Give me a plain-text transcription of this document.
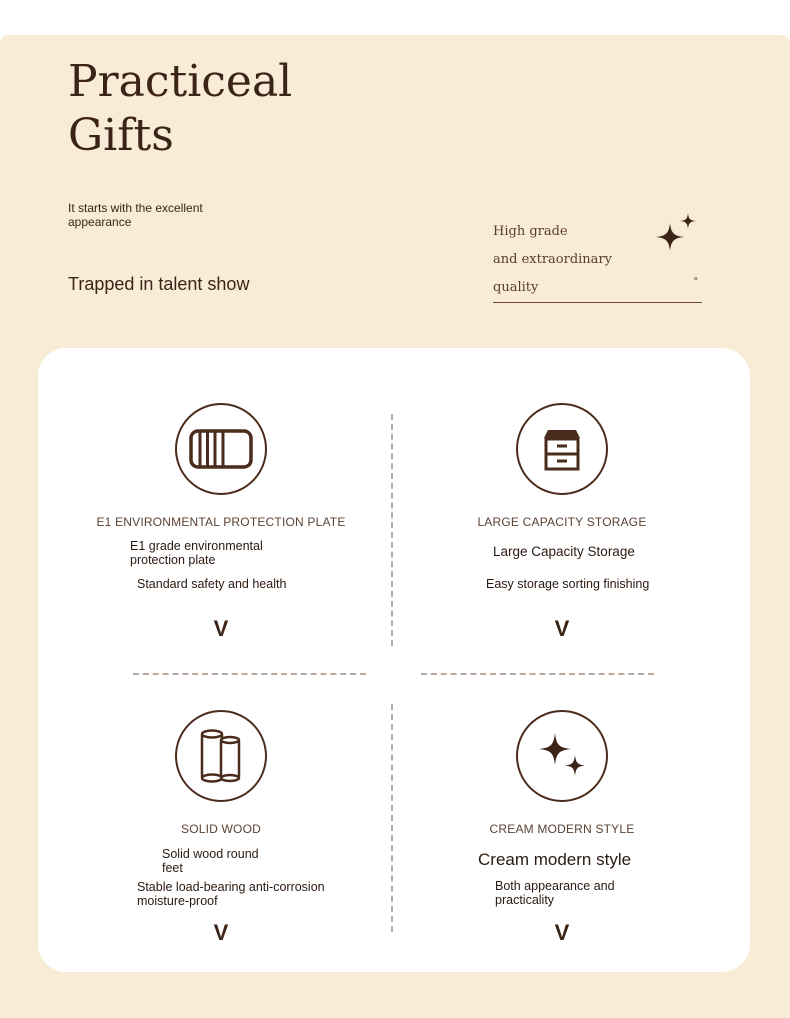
Practiceal
Gifts
It starts with the excellent appearance
Trapped in talent show
High grade
and extraordinary
quality	°
E1 ENVIRONMENTAL PROTECTION PLATE
E1 grade environmental protection plate
Standard safety and health
V
LARGE CAPACITY STORAGE
Large Capacity Storage
Easy storage sorting finishing
V
SOLID WOOD
Solid wood round feet
Stable load-bearing anti-corrosion moisture-proof
V
CREAM MODERN STYLE
Cream modern style
Both appearance and practicality
V
